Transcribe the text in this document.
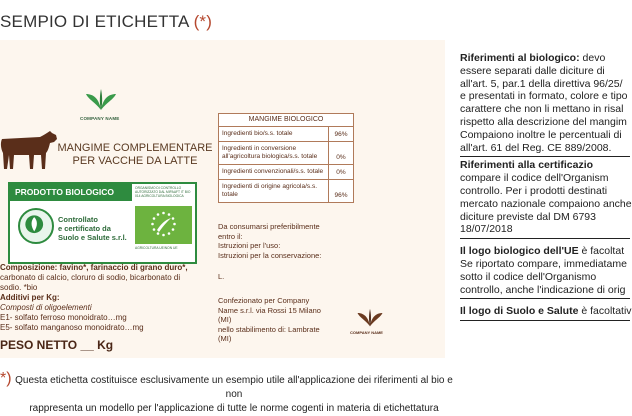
SEMPIO DI ETICHETTA (*)
COMPANY NAME
MANGIME COMPLEMENTARE
PER VACCHE DA LATTE
PRODOTTO BIOLOGICO	ORGANISMO DI CONTROLLO AUTORIZZATO DAL MIPAAFT IT BIO 014 AGRICOLTURA BIOLOGICA
Controllato
e certificato da
Suolo e Salute s.r.l.
AGRICOLTURA UE/NON UE
Composizione: favino*, farinaccio di grano duro*,
carbonato di calcio, cloruro di sodio, bicarbonato di
sodio. *bio
Additivi per Kg:
Composti di oligoelementi
E1- solfato ferroso monoidrato…mg
E5- solfato manganoso monoidrato…mg
PESO NETTO __ Kg
MANGIME BIOLOGICO
Ingredienti bio/s.s. totale	96%
Ingredienti in conversione all'agricoltura biologica/s.s. totale	0%
Ingredienti convenzionali/s.s. totale	0%
Ingredienti di origine agricola/s.s. totale	96%
Da consumarsi preferibilmente
entro il:
Istruzioni per l'uso:
Istruzioni per la conservazione:
L.
Confezionato per Company
Name s.r.l. via Rossi 15 Milano
(MI)
nello stabilimento di: Lambrate
(MI)
COMPANY NAME
*) Questa etichetta costituisce esclusivamente un esempio utile all'applicazione dei riferimenti al bio e non
rappresenta un modello per l'applicazione di tutte le norme cogenti in materia di etichettatura
Riferimenti al biologico: devo
essere separati dalle diciture di
all'art. 5, par.1 della direttiva 96/25/
e presentati in formato, colore e tipo
carattere che non li mettano in risal
rispetto alla descrizione del mangim
Compaiono inoltre le percentuali di
all'art. 61 del Reg. CE 889/2008.
Riferimenti alla certificazio
compare il codice dell'Organism
controllo. Per i prodotti destinati
mercato nazionale compaiono anche
diciture previste dal DM 6793
18/07/2018
Il logo biologico dell'UE è facoltat
Se riportato compare, immediatame
sotto il codice dell'Organismo
controllo, anche l'indicazione di orig
Il logo di Suolo e Salute è facoltativ
